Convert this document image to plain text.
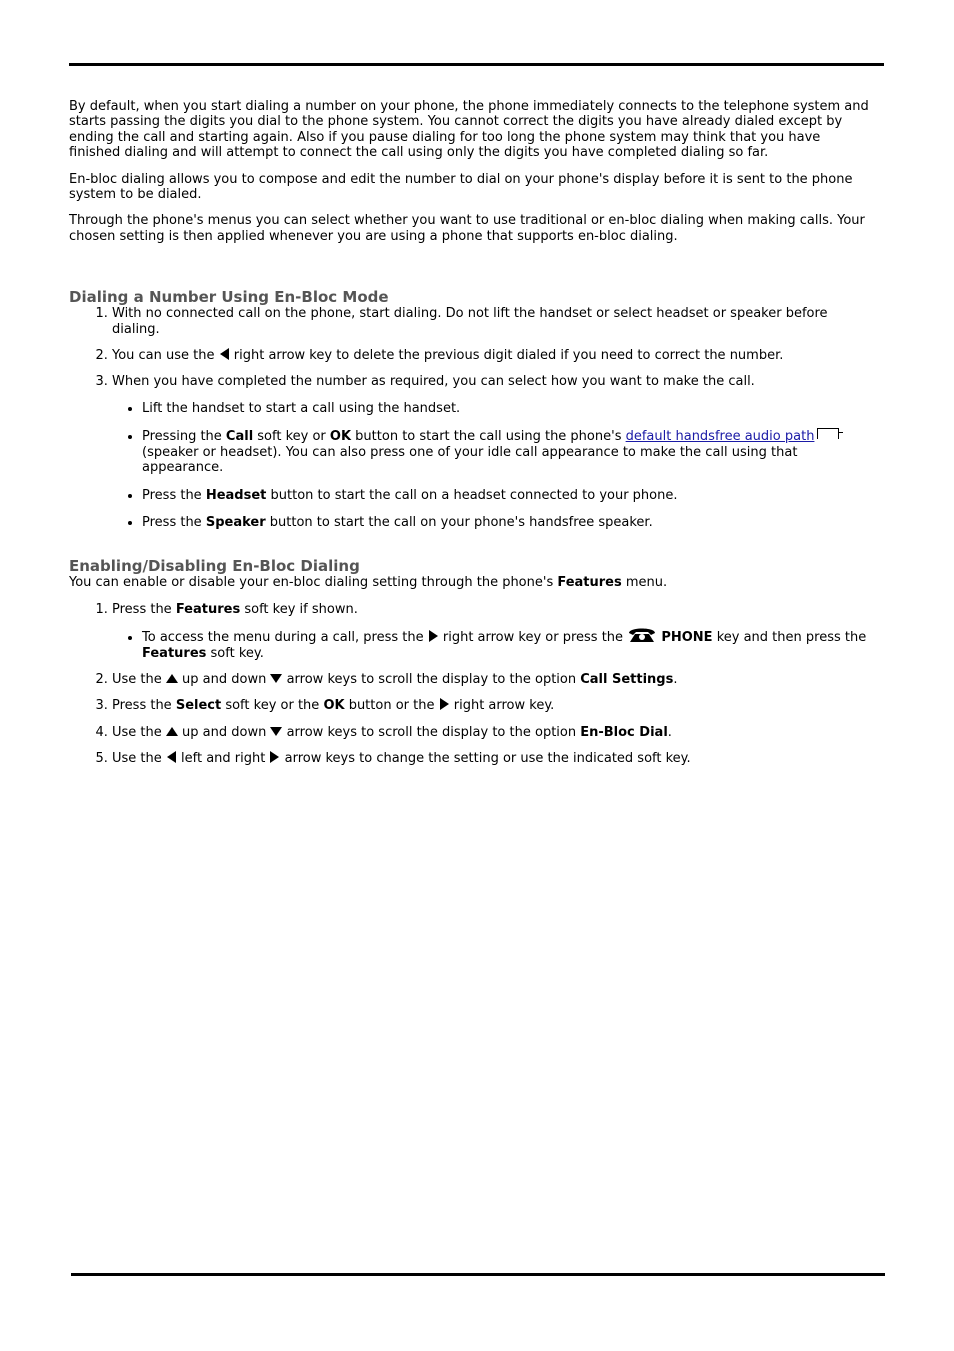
By default, when you start dialing a number on your phone, the phone immediately connects to the telephone system and starts passing the digits you dial to the phone system. You cannot correct the digits you have already dialed except by ending the call and starting again. Also if you pause dialing for too long the phone system may think that you have finished dialing and will attempt to connect the call using only the digits you have completed dialing so far.

En-bloc dialing allows you to compose and edit the number to dial on your phone's display before it is sent to the phone system to be dialed.

Through the phone's menus you can select whether you want to use traditional or en-bloc dialing when making calls. Your chosen setting is then applied whenever you are using a phone that supports en-bloc dialing.

Dialing a Number Using En-Bloc Mode
1. With no connected call on the phone, start dialing. Do not lift the handset or select headset or speaker before dialing.
2. You can use the  right arrow key to delete the previous digit dialed if you need to correct the number.
3. When you have completed the number as required, you can select how you want to make the call.
• Lift the handset to start a call using the handset.
• Pressing the Call soft key or OK button to start the call using the phone's default handsfree audio path (speaker or headset). You can also press one of your idle call appearance to make the call using that appearance.
• Press the Headset button to start the call on a headset connected to your phone.
• Press the Speaker button to start the call on your phone's handsfree speaker.
Enabling/Disabling En-Bloc Dialing

You can enable or disable your en-bloc dialing setting through the phone's Features menu.

1. Press the Features soft key if shown.
• To access the menu during a call, press the  right arrow key or press the	PHONE key and then press the Features soft key.
2. Use the  up and down  arrow keys to scroll the display to the option Call Settings.
3. Press the Select soft key or the OK button or the  right arrow key.
4. Use the  up and down  arrow keys to scroll the display to the option En-Bloc Dial.
5. Use the  left and right  arrow keys to change the setting or use the indicated soft key.
